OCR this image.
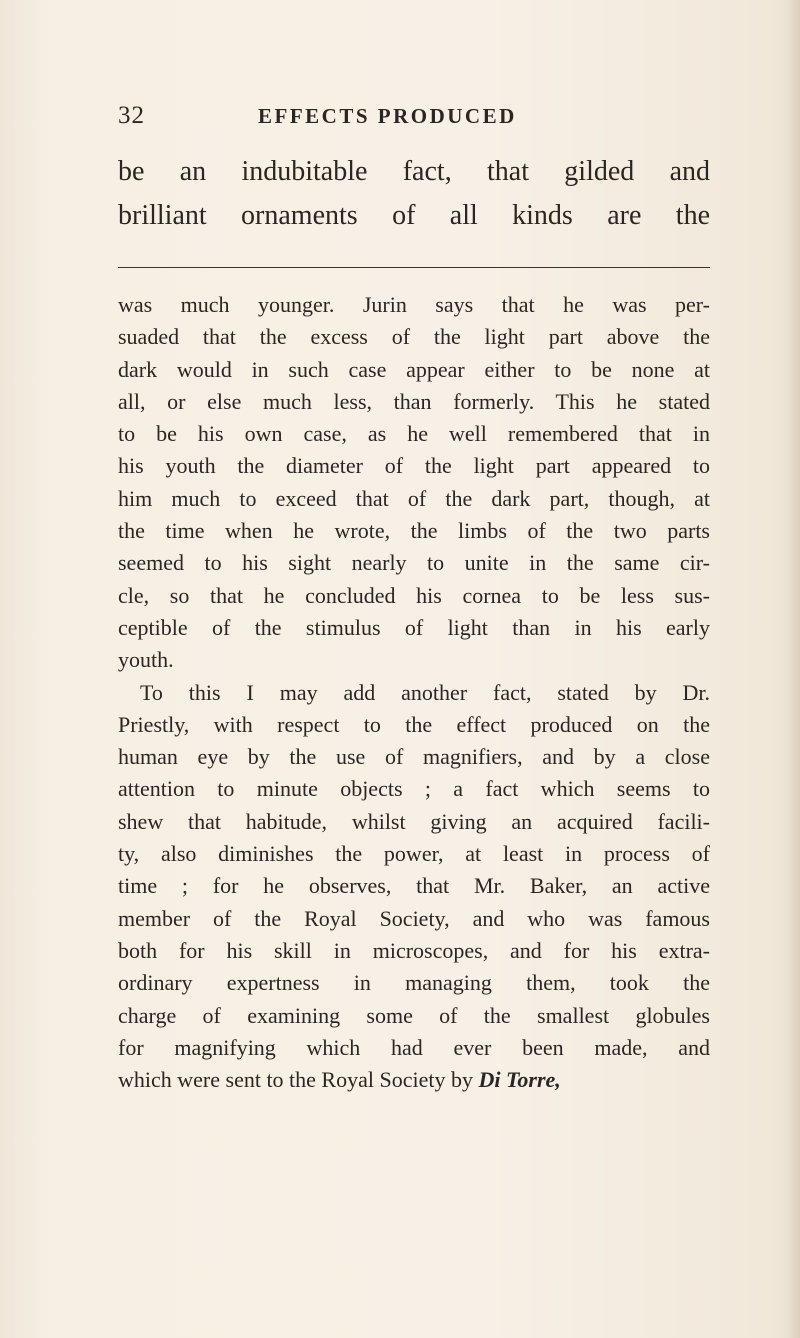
32	EFFECTS PRODUCED
be an indubitable fact, that gilded and
brilliant ornaments of all kinds are the
was much younger. Jurin says that he was per-
suaded that the excess of the light part above the
dark would in such case appear either to be none at
all, or else much less, than formerly. This he stated
to be his own case, as he well remembered that in
his youth the diameter of the light part appeared to
him much to exceed that of the dark part, though, at
the time when he wrote, the limbs of the two parts
seemed to his sight nearly to unite in the same cir-
cle, so that he concluded his cornea to be less sus-
ceptible of the stimulus of light than in his early
youth.
To this I may add another fact, stated by Dr.
Priestly, with respect to the effect produced on the
human eye by the use of magnifiers, and by a close
attention to minute objects ; a fact which seems to
shew that habitude, whilst giving an acquired facili-
ty, also diminishes the power, at least in process of
time ; for he observes, that Mr. Baker, an active
member of the Royal Society, and who was famous
both for his skill in microscopes, and for his extra-
ordinary expertness in managing them, took the
charge of examining some of the smallest globules
for magnifying which had ever been made, and
which were sent to the Royal Society by Di Torre,
